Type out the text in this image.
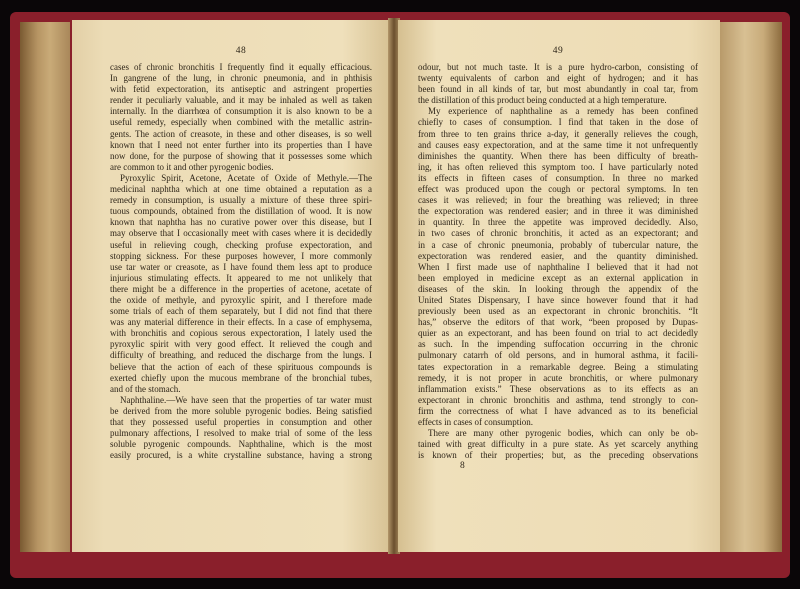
48
cases of chronic bronchitis I frequently find it equally efficacious.
In gangrene of the lung, in chronic pneumonia, and in phthisis
with fetid expectoration, its antiseptic and astringent properties
render it peculiarly valuable, and it may be inhaled as well as taken
internally. In the diarrhœa of consumption it is also known to be a
useful remedy, especially when combined with the metallic astrin-
gents. The action of creasote, in these and other diseases, is so well
known that I need not enter further into its properties than I have
now done, for the purpose of showing that it possesses some which
are common to it and other pyrogenic bodies.
Pyroxylic Spirit, Acetone, Acetate of Oxide of Methyle.—The
medicinal naphtha which at one time obtained a reputation as a
remedy in consumption, is usually a mixture of these three spiri-
tuous compounds, obtained from the distillation of wood. It is now
known that naphtha has no curative power over this disease, but I
may observe that I occasionally meet with cases where it is decidedly
useful in relieving cough, checking profuse expectoration, and
stopping sickness. For these purposes however, I more commonly
use tar water or creasote, as I have found them less apt to produce
injurious stimulating effects. It appeared to me not unlikely that
there might be a difference in the properties of acetone, acetate of
the oxide of methyle, and pyroxylic spirit, and I therefore made
some trials of each of them separately, but I did not find that there
was any material difference in their effects. In a case of emphysema,
with bronchitis and copious serous expectoration, I lately used the
pyroxylic spirit with very good effect. It relieved the cough and
difficulty of breathing, and reduced the discharge from the lungs. I
believe that the action of each of these spirituous compounds is
exerted chiefly upon the mucous membrane of the bronchial tubes,
and of the stomach.
Naphthaline.—We have seen that the properties of tar water must
be derived from the more soluble pyrogenic bodies. Being satisfied
that they possessed useful properties in consumption and other
pulmonary affections, I resolved to make trial of some of the less
soluble pyrogenic compounds. Naphthaline, which is the most
easily procured, is a white crystalline substance, having a strong
49
odour, but not much taste. It is a pure hydro-carbon, consisting of
twenty equivalents of carbon and eight of hydrogen; and it has
been found in all kinds of tar, but most abundantly in coal tar, from
the distillation of this product being conducted at a high temperature.
My experience of naphthaline as a remedy has been confined
chiefly to cases of consumption. I find that taken in the dose of
from three to ten grains thrice a-day, it generally relieves the cough,
and causes easy expectoration, and at the same time it not unfrequently
diminishes the quantity. When there has been difficulty of breath-
ing, it has often relieved this symptom too. I have particularly noted
its effects in fifteen cases of consumption. In three no marked
effect was produced upon the cough or pectoral symptoms. In ten
cases it was relieved; in four the breathing was relieved; in three
the expectoration was rendered easier; and in three it was diminished
in quantity. In three the appetite was improved decidedly. Also,
in two cases of chronic bronchitis, it acted as an expectorant; and
in a case of chronic pneumonia, probably of tubercular nature, the
expectoration was rendered easier, and the quantity diminished.
When I first made use of naphthaline I believed that it had not
been employed in medicine except as an external application in
diseases of the skin. In looking through the appendix of the
United States Dispensary, I have since however found that it had
previously been used as an expectorant in chronic bronchitis. “It
has,” observe the editors of that work, “been proposed by Dupas-
quier as an expectorant, and has been found on trial to act decidedly
as such. In the impending suffocation occurring in the chronic
pulmonary catarrh of old persons, and in humoral asthma, it facili-
tates expectoration in a remarkable degree. Being a stimulating
remedy, it is not proper in acute bronchitis, or where pulmonary
inflammation exists.” These observations as to its effects as an
expectorant in chronic bronchitis and asthma, tend strongly to con-
firm the correctness of what I have advanced as to its beneficial
effects in cases of consumption.
There are many other pyrogenic bodies, which can only be ob-
tained with great difficulty in a pure state. As yet scarcely anything
is known of their properties; but, as the preceding observations
8
